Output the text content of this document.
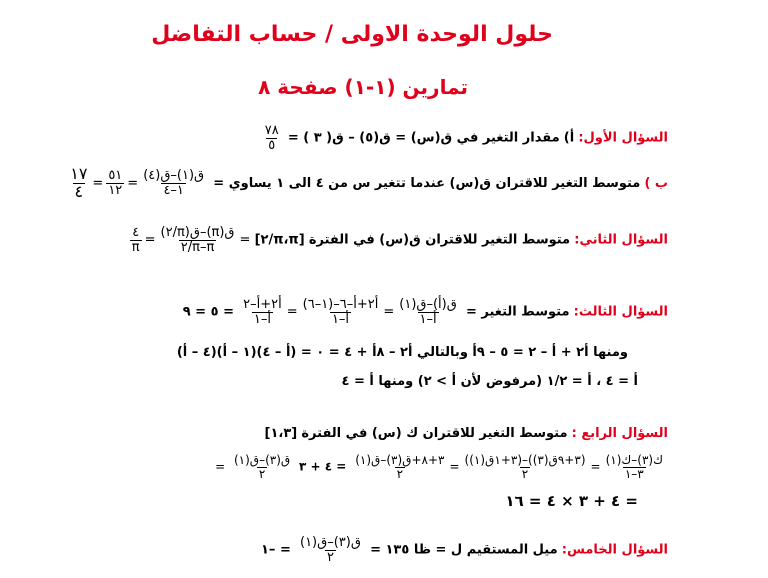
حلول الوحدة الاولى / حساب التفاضل
تمارين (١-١) صفحة ٨
السؤال الأول: أ) مقدار التغير في ق(س) = ق(٥) – ق( ٣ ) =
$\frac{٧٨}{٥}$
ب ) متوسط التغير للاقتران ق(س) عندما تتغير س من ٤ الى ١ يساوي =
$\frac{\text{ق(١)–ق(٤)}}{١-٤}$
=
$\frac{٥١}{١٢}$
=
$\frac{١٧}{٤}$
السؤال الثاني: متوسط التغير للاقتران ق(س) في الفترة [π،π/٢] =
$\frac{\text{ق(π)–ق(π/٢)}}{\pi-\pi/٢}$
=
$\frac{٤}{\pi}$
السؤال الثالث: متوسط التغير =
$\frac{\text{ق(أ)–ق(١)}}{\text{أ–١}}$
=
$\frac{\text{أ٢+أ–٦–(١–٦)}}{\text{أ–١}}$
=
$\frac{\text{أ٢+أ–٢}}{\text{أ–١}}$
= ٥ = ٩
ومنها أ٢ + أ – ٢ = ٥ – ٩أ وبالتالي أ٢ – ٨أ + ٤ = ٠ = (أ – ٤)(١ – أ)(٤ – أ)
أ = ٤ ، أ = ١/٢ (مرفوض لأن أ > ٢) ومنها أ = ٤
السؤال الرابع : متوسط التغير للاقتران ك (س) في الفترة [١،٣]
$\frac{\text{ك(٣)–ك(١)}}{٣-١}$
=
$\frac{\text{(٣+٩ق(٣))–(٣+١ق(١))}}{٢}$
=
$\frac{\text{٣+٨+ق(٣)–ق(١)}}{٢}$
= ٤ + ٣
$\frac{\text{ق(٣)–ق(١)}}{٢}$
=
= ٤ + ٣ × ٤ = ١٦
السؤال الخامس: ميل المستقيم ل = ظا ١٣٥ =
$\frac{\text{ق(٣)–ق(١)}}{٢}$
= –١
